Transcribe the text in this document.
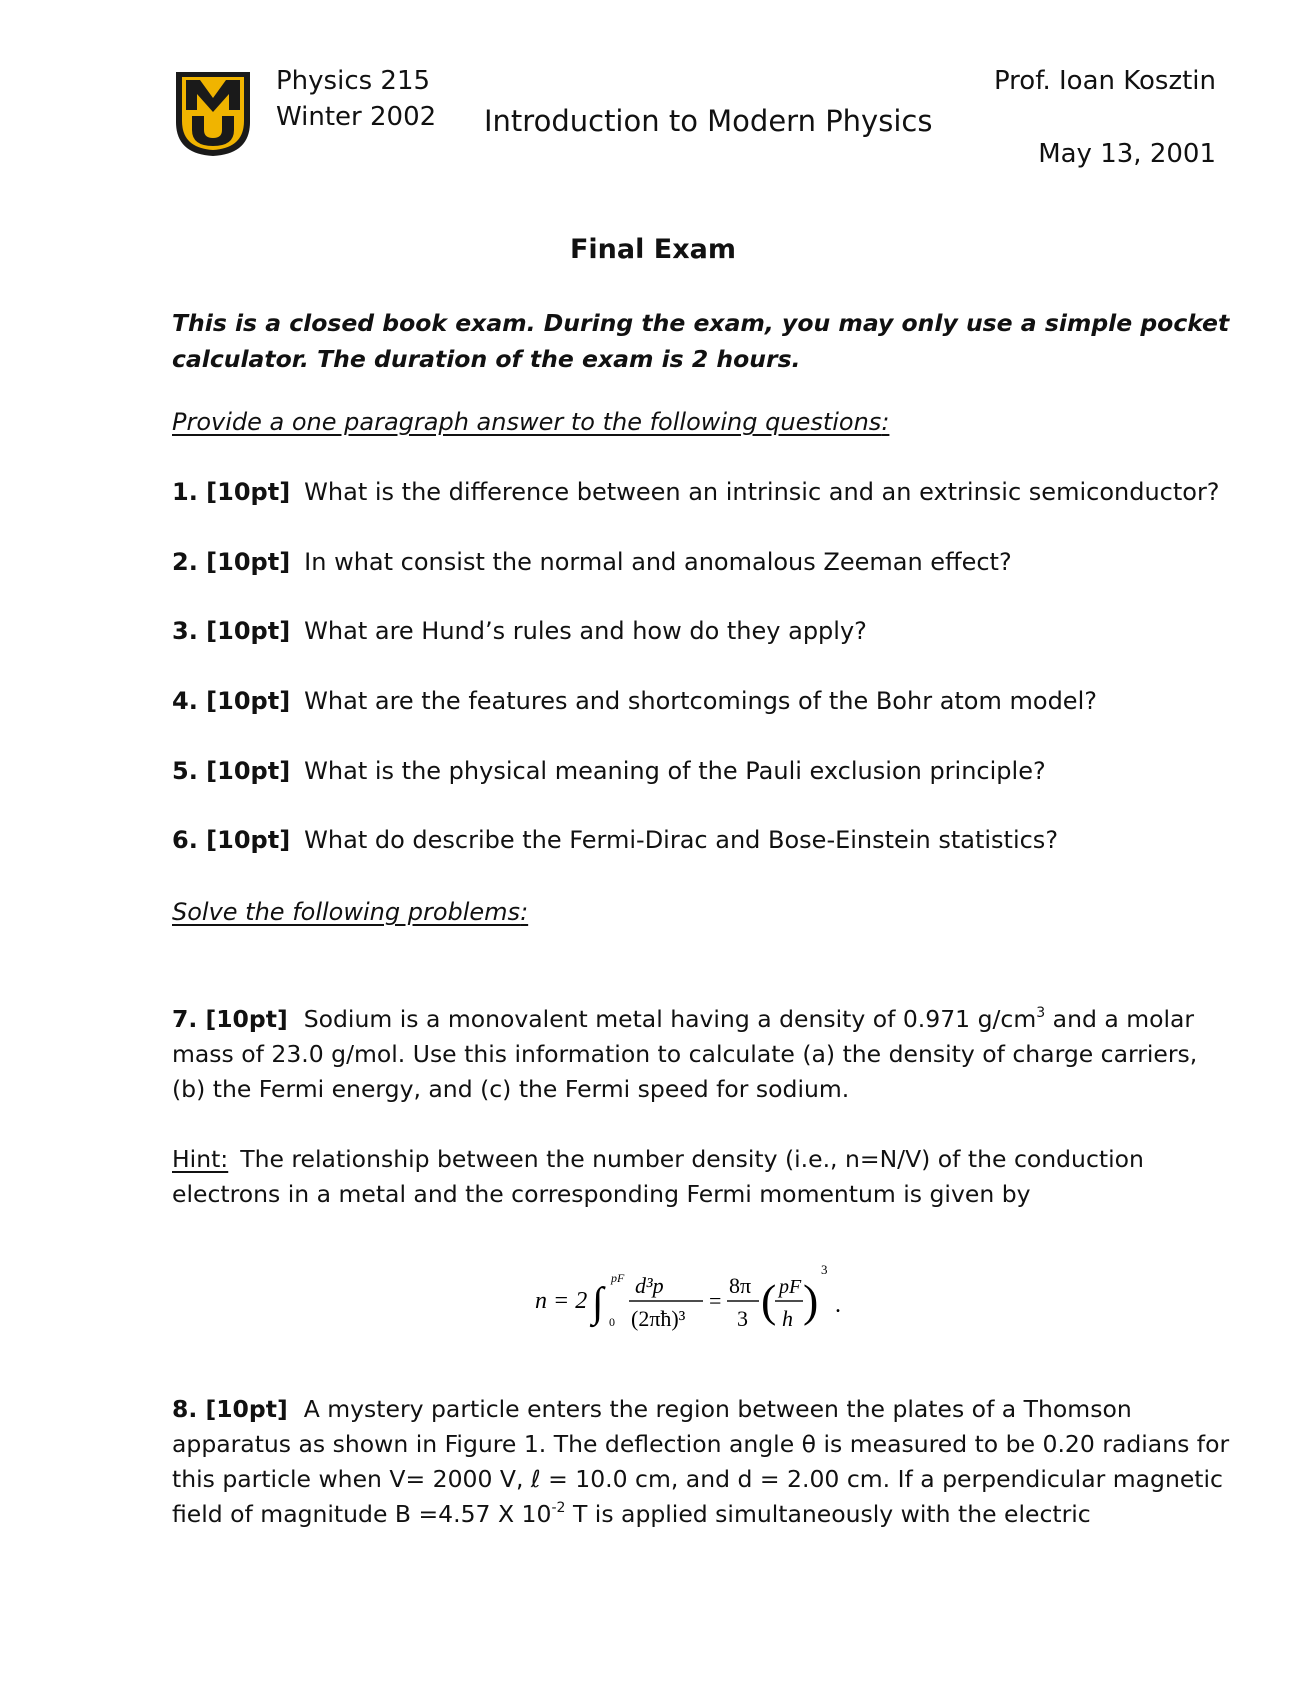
Physics 215
Winter 2002 Introduction to Modern Physics
Prof. Ioan Kosztin
May 13, 2001
Final Exam
This is a closed book exam. During the exam, you may only use a simple pocket calculator. The duration of the exam is 2 hours.
Provide a one paragraph answer to the following questions:
1. [10pt] What is the difference between an intrinsic and an extrinsic semiconductor?
2. [10pt] In what consist the normal and anomalous Zeeman effect?
3. [10pt] What are Hund’s rules and how do they apply?
4. [10pt] What are the features and shortcomings of the Bohr atom model?
5. [10pt] What is the physical meaning of the Pauli exclusion principle?
6. [10pt] What do describe the Fermi-Dirac and Bose-Einstein statistics?
Solve the following problems:
7. [10pt] Sodium is a monovalent metal having a density of 0.971 $g/cm^3$ and a molar mass of 23.0 g/mol. Use this information to calculate (a) the density of charge carriers, (b) the Fermi energy, and (c) the Fermi speed for sodium.
Hint: The relationship between the number density (i.e., n=N/V) of the conduction electrons in a metal and the corresponding Fermi momentum is given by
n = 2 ∫
pF
0
d³p
(2πħ)³
=
8π
3 ( pF
h )
3
.
8. [10pt] A mystery particle enters the region between the plates of a Thomson apparatus as shown in Figure 1. The deflection angle θ is measured to be 0.20 radians for this particle when V= 2000 V, ℓ = 10.0 cm, and d = 2.00 cm. If a perpendicular magnetic field of magnitude B =4.57 X $10^{-2}$ T is applied simultaneously with the electric
